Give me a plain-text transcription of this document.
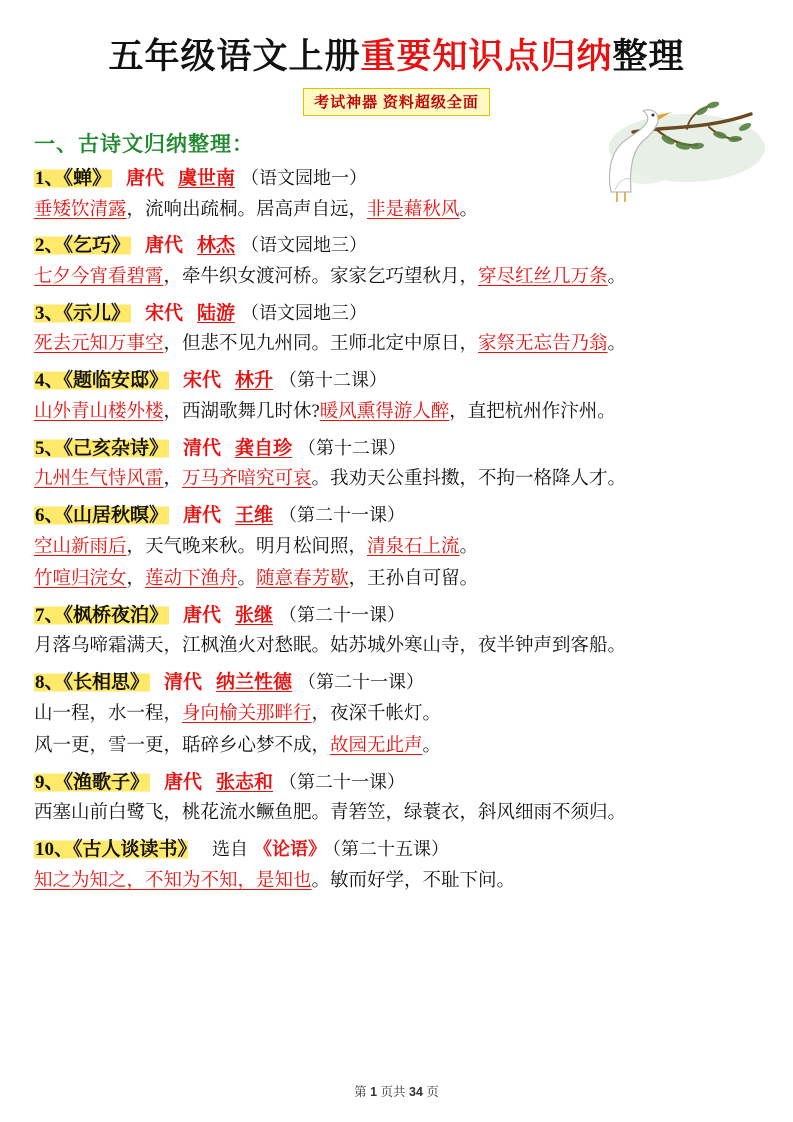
五年级语文上册重要知识点归纳整理
考试神器 资料超级全面
一、古诗文归纳整理：
1、《蝉》 唐代 虞世南 （语文园地一）
垂矮饮清露，流响出疏桐。居高声自远，非是藉秋风。
2、《乞巧》 唐代 林杰 （语文园地三）
七夕今宵看碧霄，牵牛织女渡河桥。家家乞巧望秋月，穿尽红丝几万条。
3、《示儿》 宋代 陆游 （语文园地三）
死去元知万事空，但悲不见九州同。王师北定中原日，家祭无忘告乃翁。
4、《题临安邸》 宋代 林升 （第十二课）
山外青山楼外楼，西湖歌舞几时休?暖风熏得游人醉，直把杭州作汴州。
5、《己亥杂诗》 清代 龚自珍 （第十二课）
九州生气恃风雷，万马齐喑究可哀。我劝天公重抖擞，不拘一格降人才。
6、《山居秋暝》 唐代 王维 （第二十一课）
空山新雨后，天气晚来秋。明月松间照，清泉石上流。
竹喧归浣女，莲动下渔舟。随意春芳歇，王孙自可留。
7、《枫桥夜泊》 唐代 张继 （第二十一课）
月落乌啼霜满天，江枫渔火对愁眠。姑苏城外寒山寺，夜半钟声到客船。
8、《长相思》 清代 纳兰性德 （第二十一课）
山一程，水一程，身向榆关那畔行，夜深千帐灯。
风一更，雪一更，聒碎乡心梦不成，故园无此声。
9、《渔歌子》 唐代 张志和 （第二十一课）
西塞山前白鹭飞，桃花流水鳜鱼肥。青箬笠，绿蓑衣，斜风细雨不须归。
10、《古人谈读书》　选自 《论语》 （第二十五课）
知之为知之，不知为不知，是知也。敏而好学，不耻下问。
第 1 页共 34 页
